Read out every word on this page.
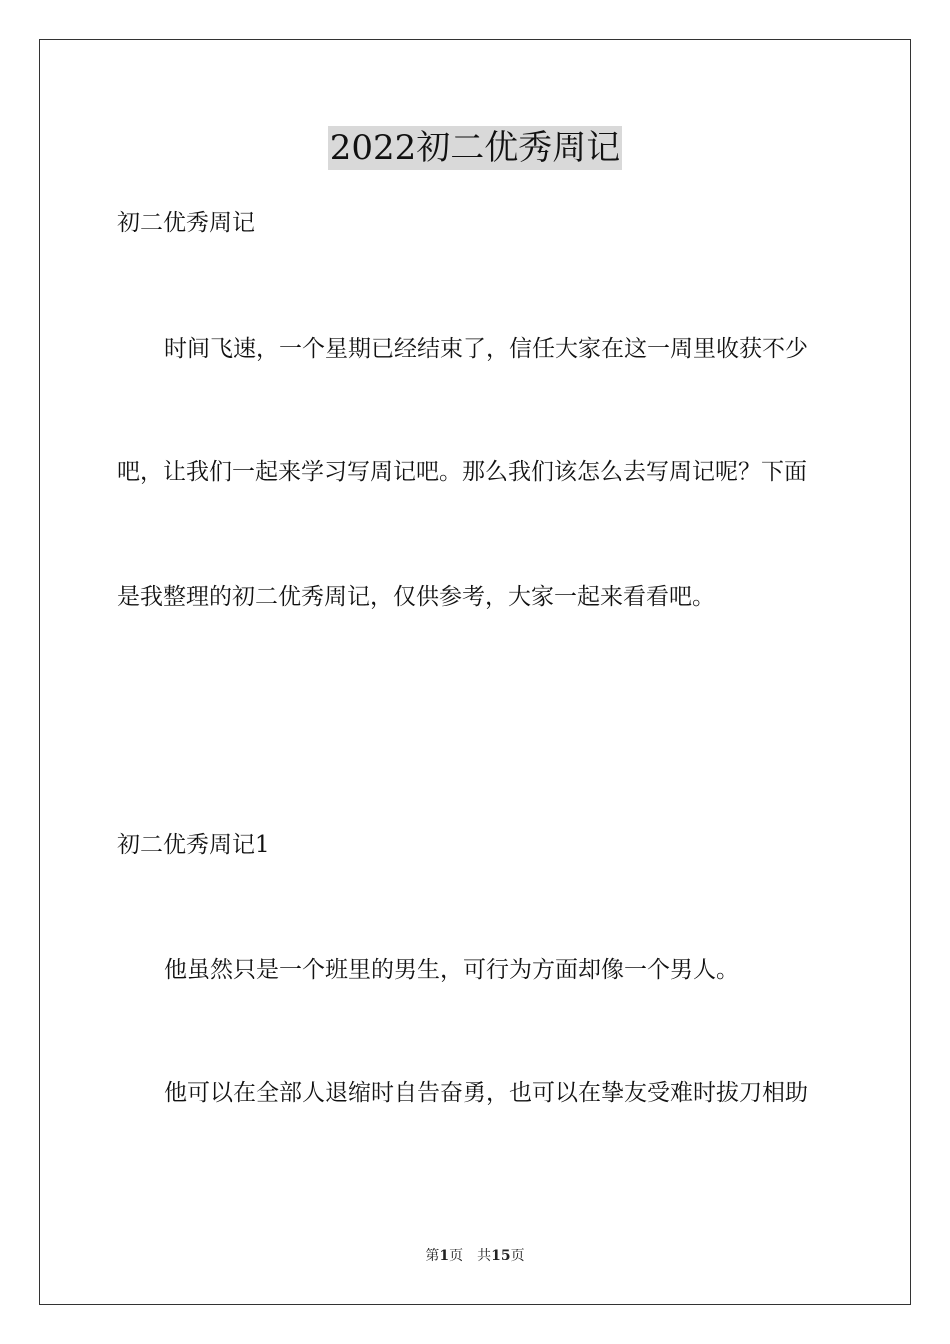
2022初二优秀周记
初二优秀周记
时间飞速，一个星期已经结束了，信任大家在这一周里收获不少
吧，让我们一起来学习写周记吧。那么我们该怎么去写周记呢？下面
是我整理的初二优秀周记，仅供参考，大家一起来看看吧。
初二优秀周记1
他虽然只是一个班里的男生，可行为方面却像一个男人。
他可以在全部人退缩时自告奋勇，也可以在挚友受难时拔刀相助
第1页 共15页
